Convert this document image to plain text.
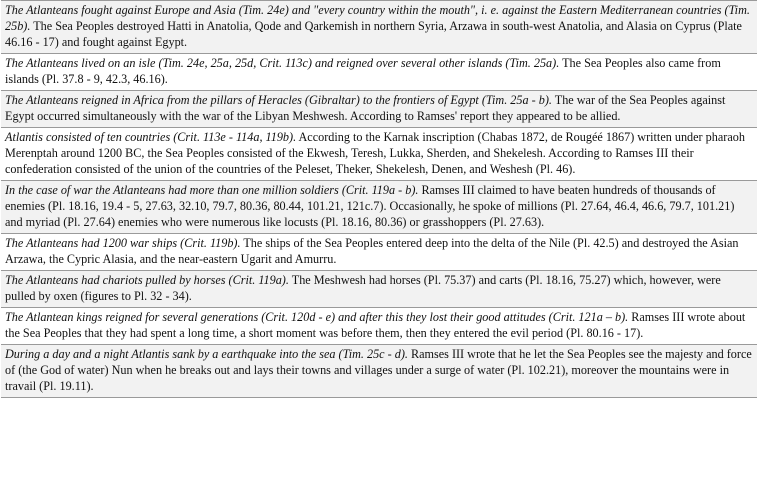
The Atlanteans fought against Europe and Asia (Tim. 24e) and "every country within the mouth", i. e. against the Eastern Mediterranean countries (Tim. 25b). The Sea Peoples destroyed Hatti in Anatolia, Qode and Qarkemish in northern Syria, Arzawa in south-west Anatolia, and Alasia on Cyprus (Plate 46.16 - 17) and fought against Egypt.
The Atlanteans lived on an isle (Tim. 24e, 25a, 25d, Crit. 113c) and reigned over several other islands (Tim. 25a). The Sea Peoples also came from islands (Pl. 37.8 - 9, 42.3, 46.16).
The Atlanteans reigned in Africa from the pillars of Heracles (Gibraltar) to the frontiers of Egypt (Tim. 25a - b). The war of the Sea Peoples against Egypt occurred simultaneously with the war of the Libyan Meshwesh. According to Ramses' report they appeared to be allied.
Atlantis consisted of ten countries (Crit. 113e - 114a, 119b). According to the Karnak inscription (Chabas 1872, de Rougéé 1867) written under pharaoh Merenptah around 1200 BC, the Sea Peoples consisted of the Ekwesh, Teresh, Lukka, Sherden, and Shekelesh. According to Ramses III their confederation consisted of the union of the countries of the Peleset, Theker, Shekelesh, Denen, and Weshesh (Pl. 46).
In the case of war the Atlanteans had more than one million soldiers (Crit. 119a - b). Ramses III claimed to have beaten hundreds of thousands of enemies (Pl. 18.16, 19.4 - 5, 27.63, 32.10, 79.7, 80.36, 80.44, 101.21, 121c.7). Occasionally, he spoke of millions (Pl. 27.64, 46.4, 46.6, 79.7, 101.21) and myriad (Pl. 27.64) enemies who were numerous like locusts (Pl. 18.16, 80.36) or grasshoppers (Pl. 27.63).
The Atlanteans had 1200 war ships (Crit. 119b). The ships of the Sea Peoples entered deep into the delta of the Nile (Pl. 42.5) and destroyed the Asian Arzawa, the Cypric Alasia, and the near-eastern Ugarit and Amurru.
The Atlanteans had chariots pulled by horses (Crit. 119a). The Meshwesh had horses (Pl. 75.37) and carts (Pl. 18.16, 75.27) which, however, were pulled by oxen (figures to Pl. 32 - 34).
The Atlantean kings reigned for several generations (Crit. 120d - e) and after this they lost their good attitudes (Crit. 121a – b). Ramses III wrote about the Sea Peoples that they had spent a long time, a short moment was before them, then they entered the evil period (Pl. 80.16 - 17).
During a day and a night Atlantis sank by a earthquake into the sea (Tim. 25c - d). Ramses III wrote that he let the Sea Peoples see the majesty and force of (the God of water) Nun when he breaks out and lays their towns and villages under a surge of water (Pl. 102.21), moreover the mountains were in travail (Pl. 19.11).
